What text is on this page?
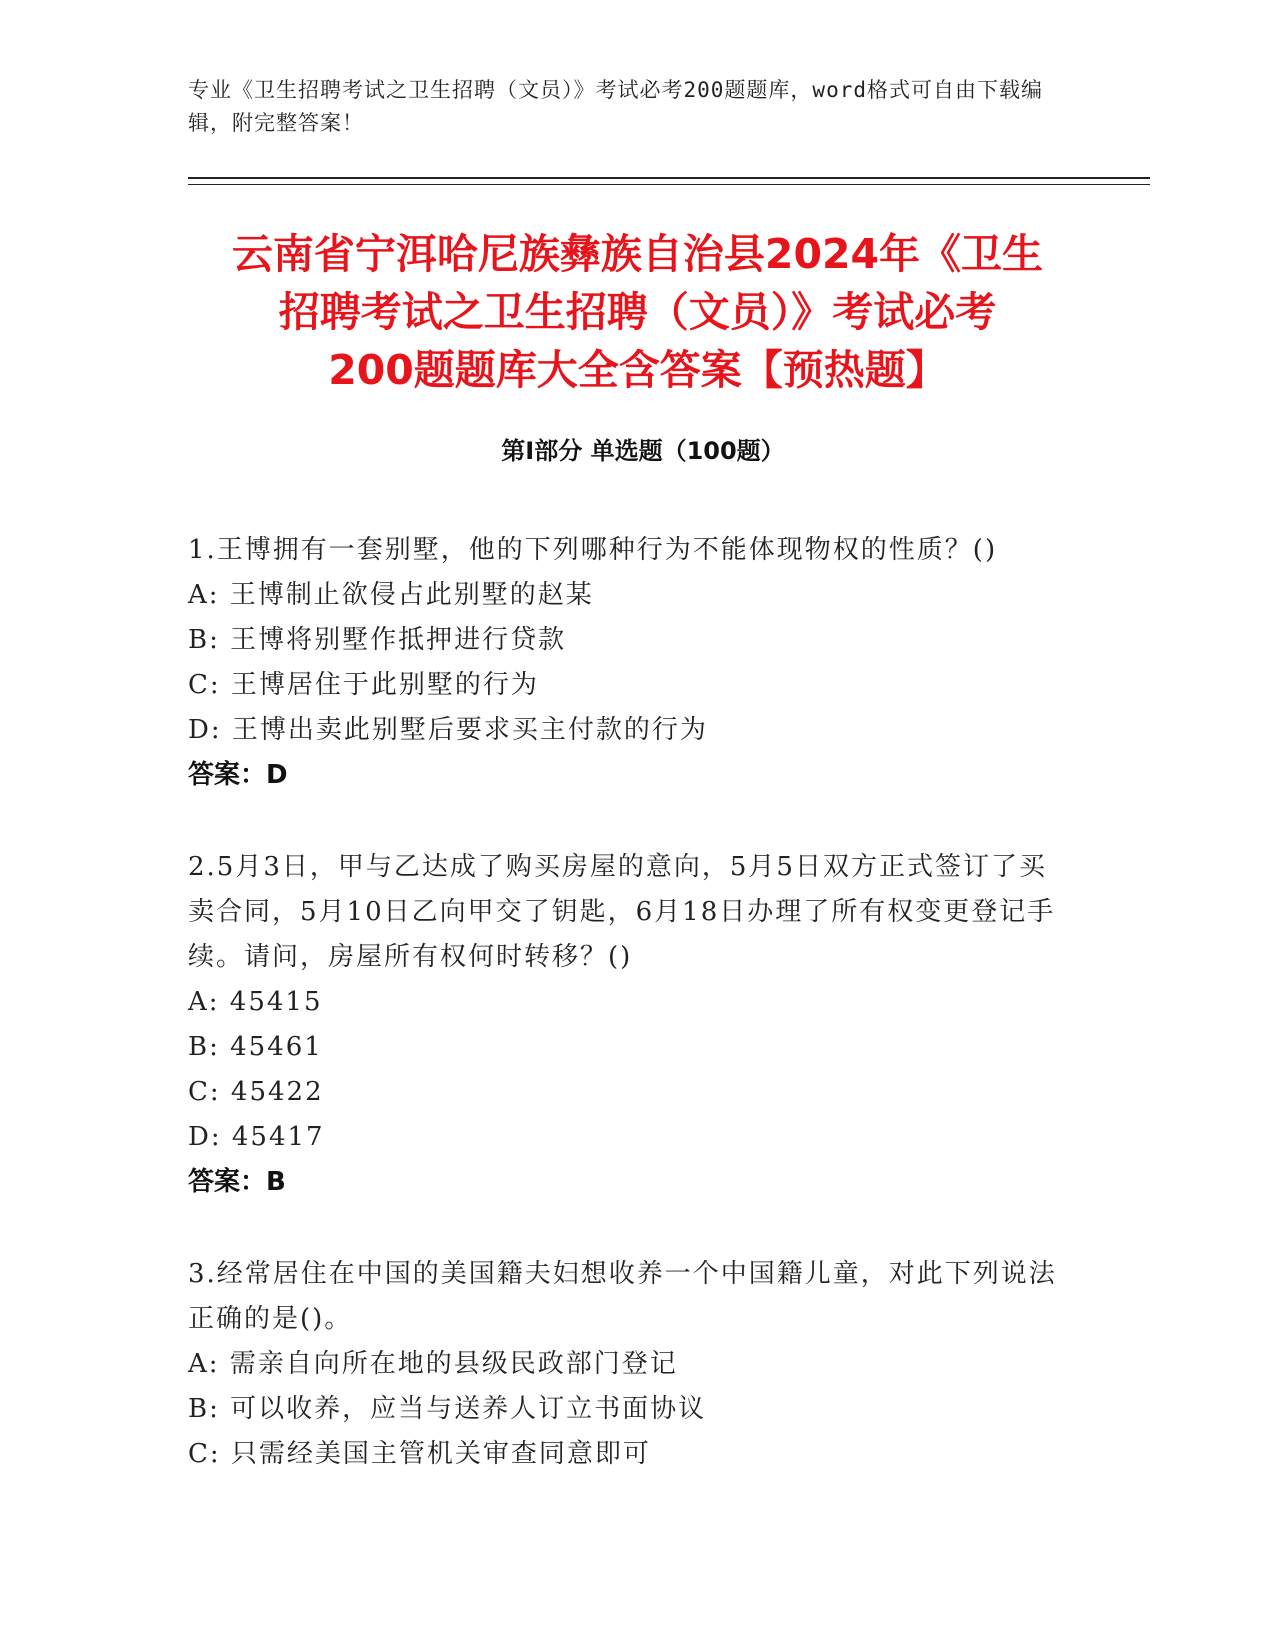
专业《卫生招聘考试之卫生招聘（文员）》考试必考200题题库，word格式可自由下载编辑，附完整答案！
云南省宁洱哈尼族彝族自治县2024年《卫生
招聘考试之卫生招聘（文员）》考试必考
200题题库大全含答案【预热题】
第Ⅰ部分 单选题（100题）
1.王博拥有一套别墅，他的下列哪种行为不能体现物权的性质？()
A: 王博制止欲侵占此别墅的赵某
B: 王博将别墅作抵押进行贷款
C: 王博居住于此别墅的行为
D: 王博出卖此别墅后要求买主付款的行为
答案：D
2.5月3日，甲与乙达成了购买房屋的意向，5月5日双方正式签订了买卖合同，5月10日乙向甲交了钥匙，6月18日办理了所有权变更登记手续。请问，房屋所有权何时转移？()
A: 45415
B: 45461
C: 45422
D: 45417
答案：B
3.经常居住在中国的美国籍夫妇想收养一个中国籍儿童，对此下列说法正确的是()。
A: 需亲自向所在地的县级民政部门登记
B: 可以收养，应当与送养人订立书面协议
C: 只需经美国主管机关审查同意即可
